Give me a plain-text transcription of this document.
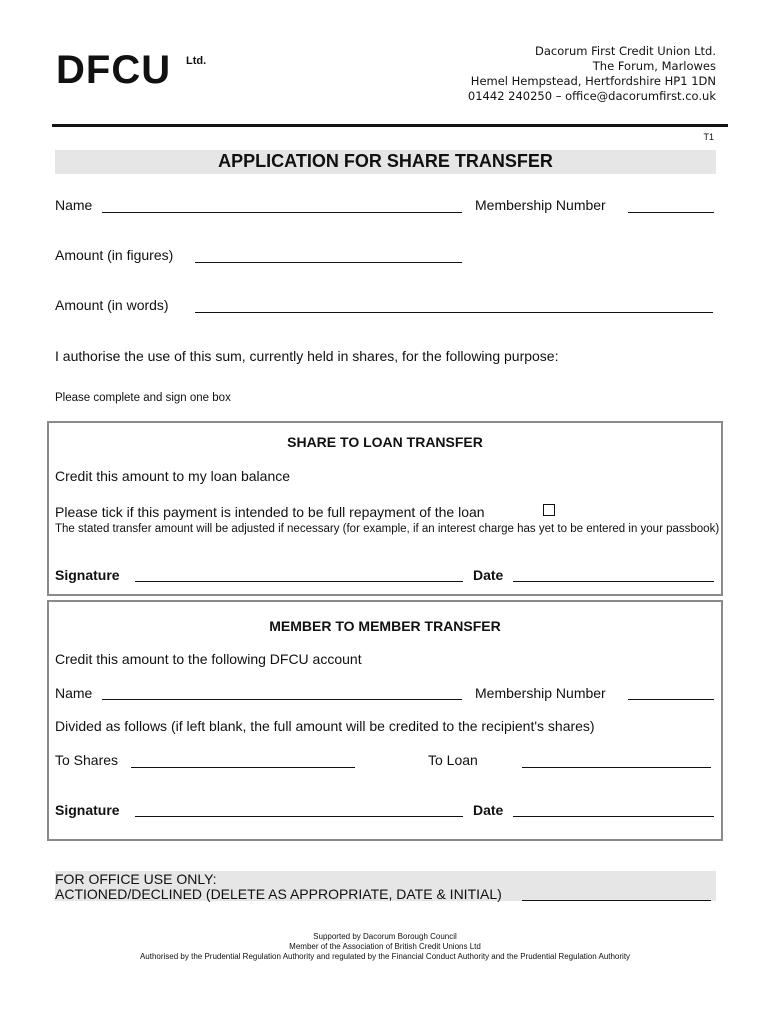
DFCU Ltd.
Dacorum First Credit Union Ltd.
The Forum, Marlowes
Hemel Hempstead, Hertfordshire HP1 1DN
01442 240250 – office@dacorumfirst.co.uk
T1
APPLICATION FOR SHARE TRANSFER
Name	Membership Number
Amount (in figures)
Amount (in words)
I authorise the use of this sum, currently held in shares, for the following purpose:
Please complete and sign one box
SHARE TO LOAN TRANSFER
Credit this amount to my loan balance
Please tick if this payment is intended to be full repayment of the loan
The stated transfer amount will be adjusted if necessary (for example, if an interest charge has yet to be entered in your passbook)
Signature	Date
MEMBER TO MEMBER TRANSFER
Credit this amount to the following DFCU account
Name	Membership Number
Divided as follows (if left blank, the full amount will be credited to the recipient's shares)
To Shares	To Loan
Signature	Date
FOR OFFICE USE ONLY:
ACTIONED/DECLINED (DELETE AS APPROPRIATE, DATE & INITIAL)
Supported by Dacorum Borough Council
Member of the Association of British Credit Unions Ltd
Authorised by the Prudential Regulation Authority and regulated by the Financial Conduct Authority and the Prudential Regulation Authority
